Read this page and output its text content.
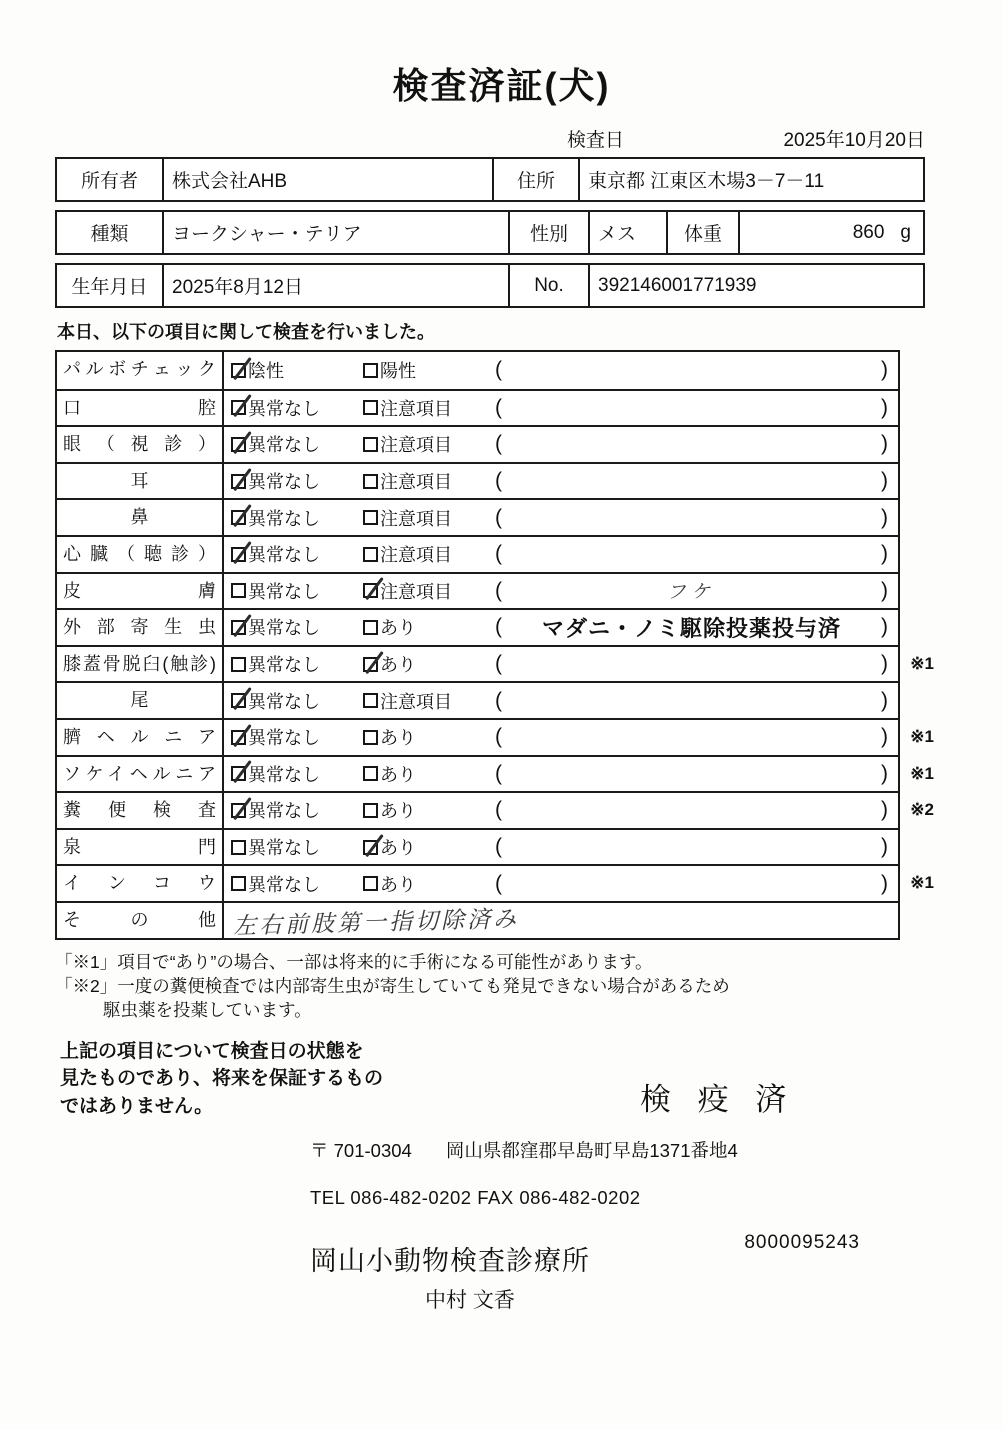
検査済証(犬)
検査日	2025年10月20日
所有者	株式会社AHB	住所	東京都 江東区木場3－7－11
種類	ヨークシャー・テリア	性別	メス	体重	860 g
生年月日	2025年8月12日	No.	392146001771939
本日、以下の項目に関して検査を行いました。
パルボチェック	陰性	陽性	(	)
口腔	異常なし	注意項目 (	)
眼（視診）	異常なし	注意項目 (	)
耳	異常なし	注意項目 (	)
鼻	異常なし	注意項目 (	)
心臓（聴診）	異常なし	注意項目 (	)
皮膚	異常なし	注意項目 (	フケ	)
外部寄生虫	異常なし	あり	(	マダニ・ノミ駆除投薬投与済	)
膝蓋骨脱臼(触診)	異常なし	あり	(	) ※1
尾	異常なし	注意項目 (	)
臍ヘルニア	異常なし	あり	(	) ※1
ソケイヘルニア	異常なし	あり	(	) ※1
糞便検査	異常なし	あり	(	) ※2
泉門	異常なし	あり	(	)
インコウ	異常なし	あり	(	) ※1
その他 左右前肢第一指切除済み
「※1」項目で“あり”の場合、一部は将来的に手術になる可能性があります。
「※2」一度の糞便検査では内部寄生虫が寄生していても発見できない場合があるため
駆虫薬を投薬しています。
上記の項目について検査日の状態を
見たものであり、将来を保証するもの
ではありません。	検 疫 済
〒 701-0304 岡山県都窪郡早島町早島1371番地4
TEL 086-482-0202 FAX 086-482-0202
岡山小動物検査診療所
中村 文香
8000095243
